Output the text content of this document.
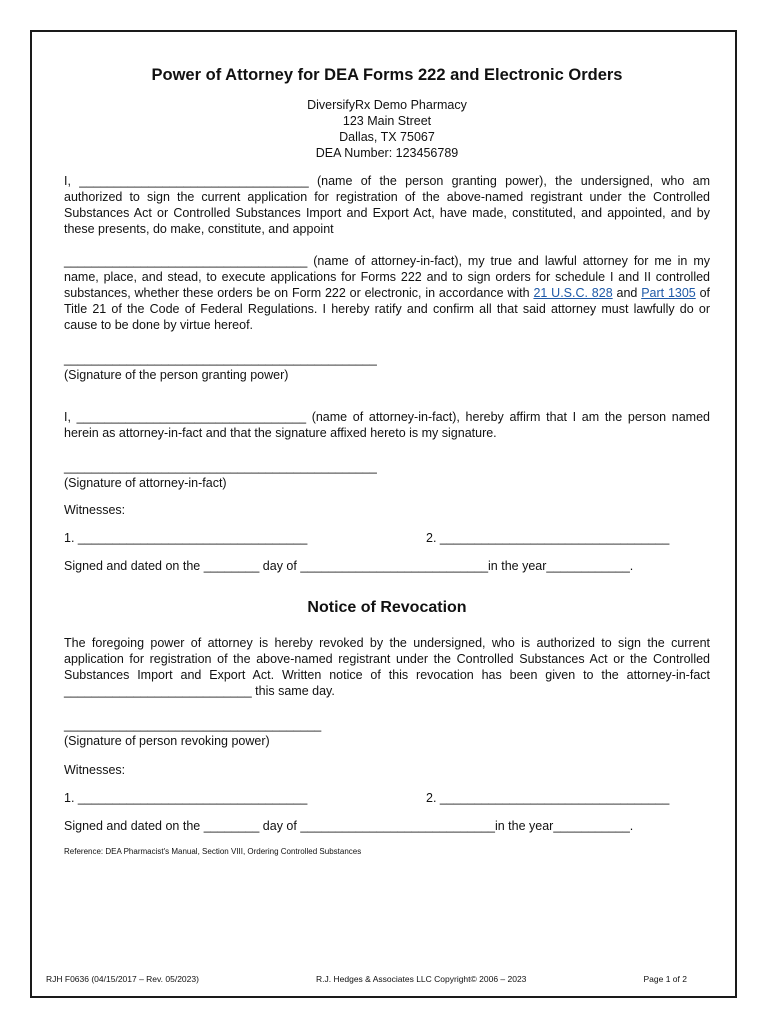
Power of Attorney for DEA Forms 222 and Electronic Orders
DiversifyRx Demo Pharmacy
123 Main Street
Dallas, TX 75067
DEA Number: 123456789

I, _________________________________ (name of the person granting power), the undersigned, who am authorized to sign the current application for registration of the above-named registrant under the Controlled Substances Act or Controlled Substances Import and Export Act, have made, constituted, and appointed, and by these presents, do make, constitute, and appoint

___________________________________ (name of attorney-in-fact), my true and lawful attorney for me in my name, place, and stead, to execute applications for Forms 222 and to sign orders for schedule I and II controlled substances, whether these orders be on Form 222 or electronic, in accordance with 21 U.S.C. 828 and Part 1305 of Title 21 of the Code of Federal Regulations. I hereby ratify and confirm all that said attorney must lawfully do or cause to be done by virtue hereof.

_____________________________________________
(Signature of the person granting power)

I, _________________________________ (name of attorney-in-fact), hereby affirm that I am the person named herein as attorney-in-fact and that the signature affixed hereto is my signature.

_____________________________________________
(Signature of attorney-in-fact)
Witnesses:
1. _________________________________	2. _________________________________
Signed and dated on the ________ day of ___________________________in the year____________.
Notice of Revocation

The foregoing power of attorney is hereby revoked by the undersigned, who is authorized to sign the current application for registration of the above-named registrant under the Controlled Substances Act or the Controlled Substances Import and Export Act. Written notice of this revocation has been given to the attorney-in-fact ___________________________ this same day.

_____________________________________
(Signature of person revoking power)
Witnesses:
1. _________________________________	2. _________________________________
Signed and dated on the ________ day of ____________________________in the year___________.
Reference: DEA Pharmacist's Manual, Section VIII, Ordering Controlled Substances
RJH F0636 (04/15/2017 – Rev. 05/2023)	R.J. Hedges & Associates LLC Copyright© 2006 – 2023	Page 1 of 2
